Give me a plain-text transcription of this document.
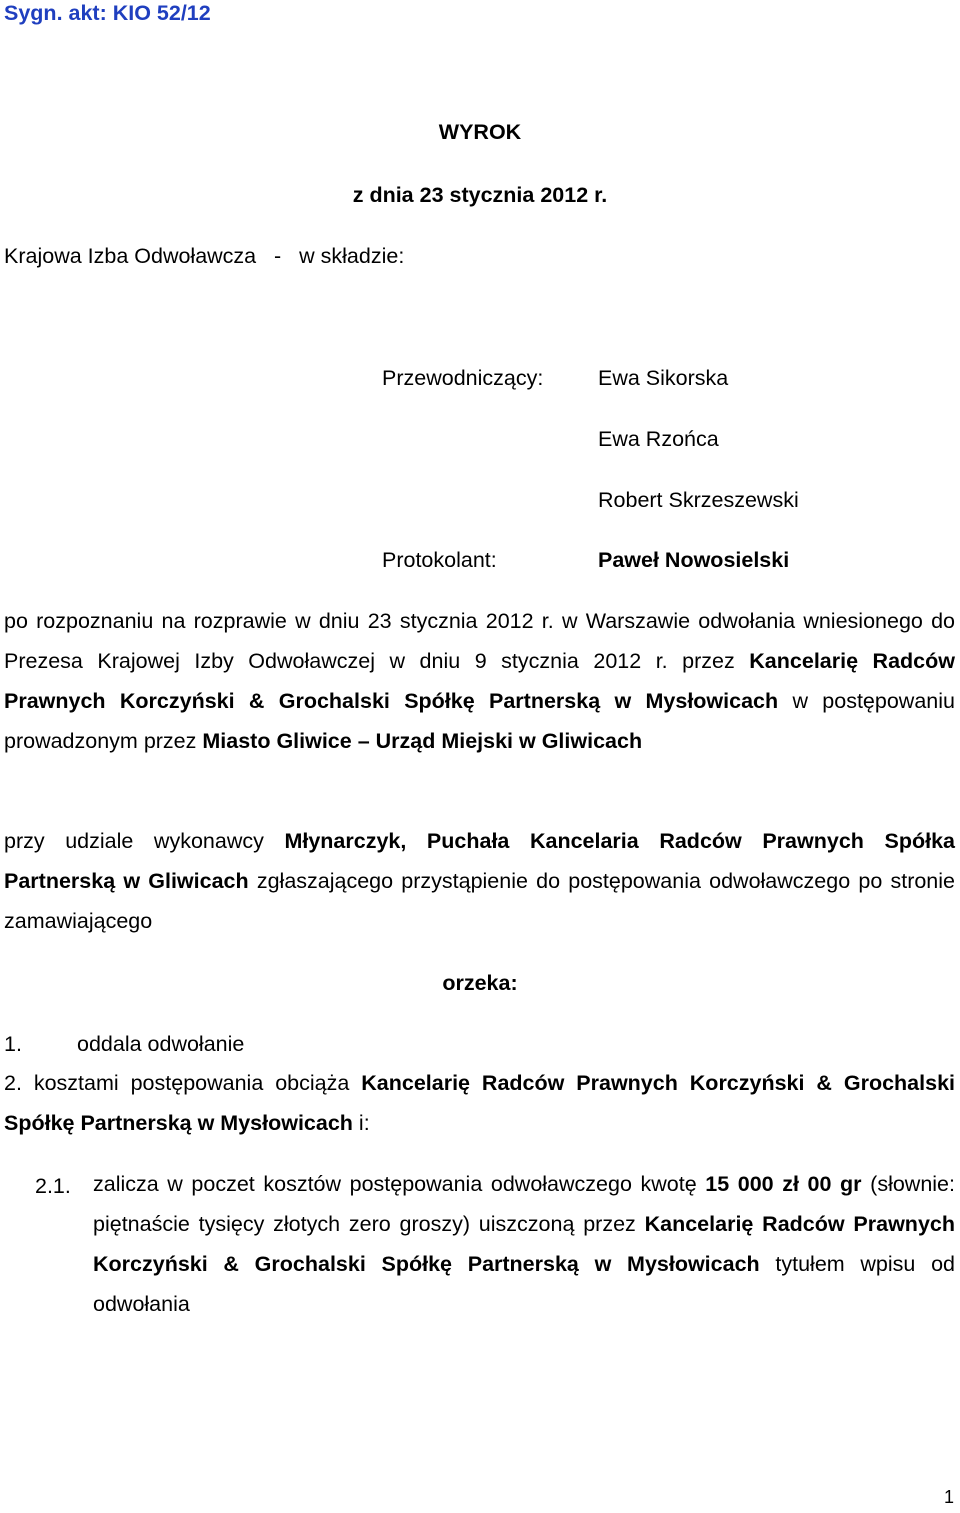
Sygn. akt: KIO 52/12
WYROK
z dnia 23 stycznia 2012 r.
Krajowa Izba Odwoławcza   -   w składzie:
Przewodniczący:	Ewa Sikorska
Ewa Rzońca
Robert Skrzeszewski
Protokolant:	Paweł Nowosielski
po rozpoznaniu na rozprawie w dniu 23 stycznia 2012 r. w Warszawie odwołania wniesionego do Prezesa Krajowej Izby Odwoławczej w dniu 9 stycznia 2012 r. przez Kancelarię Radców Prawnych Korczyński & Grochalski Spółkę Partnerską w Mysłowicach w postępowaniu prowadzonym przez Miasto Gliwice – Urząd Miejski w Gliwicach
przy udziale wykonawcy Młynarczyk, Puchała Kancelaria Radców Prawnych Spółka Partnerską w Gliwicach zgłaszającego przystąpienie do postępowania odwoławczego po stronie zamawiającego
orzeka:
1.	oddala odwołanie
2. kosztami postępowania obciąża Kancelarię Radców Prawnych Korczyński & Grochalski Spółkę Partnerską w Mysłowicach i:
2.1. zalicza w poczet kosztów postępowania odwoławczego kwotę 15 000 zł 00 gr (słownie: piętnaście tysięcy złotych zero groszy) uiszczoną przez Kancelarię Radców Prawnych Korczyński & Grochalski Spółkę Partnerską w Mysłowicach tytułem wpisu od odwołania
1
